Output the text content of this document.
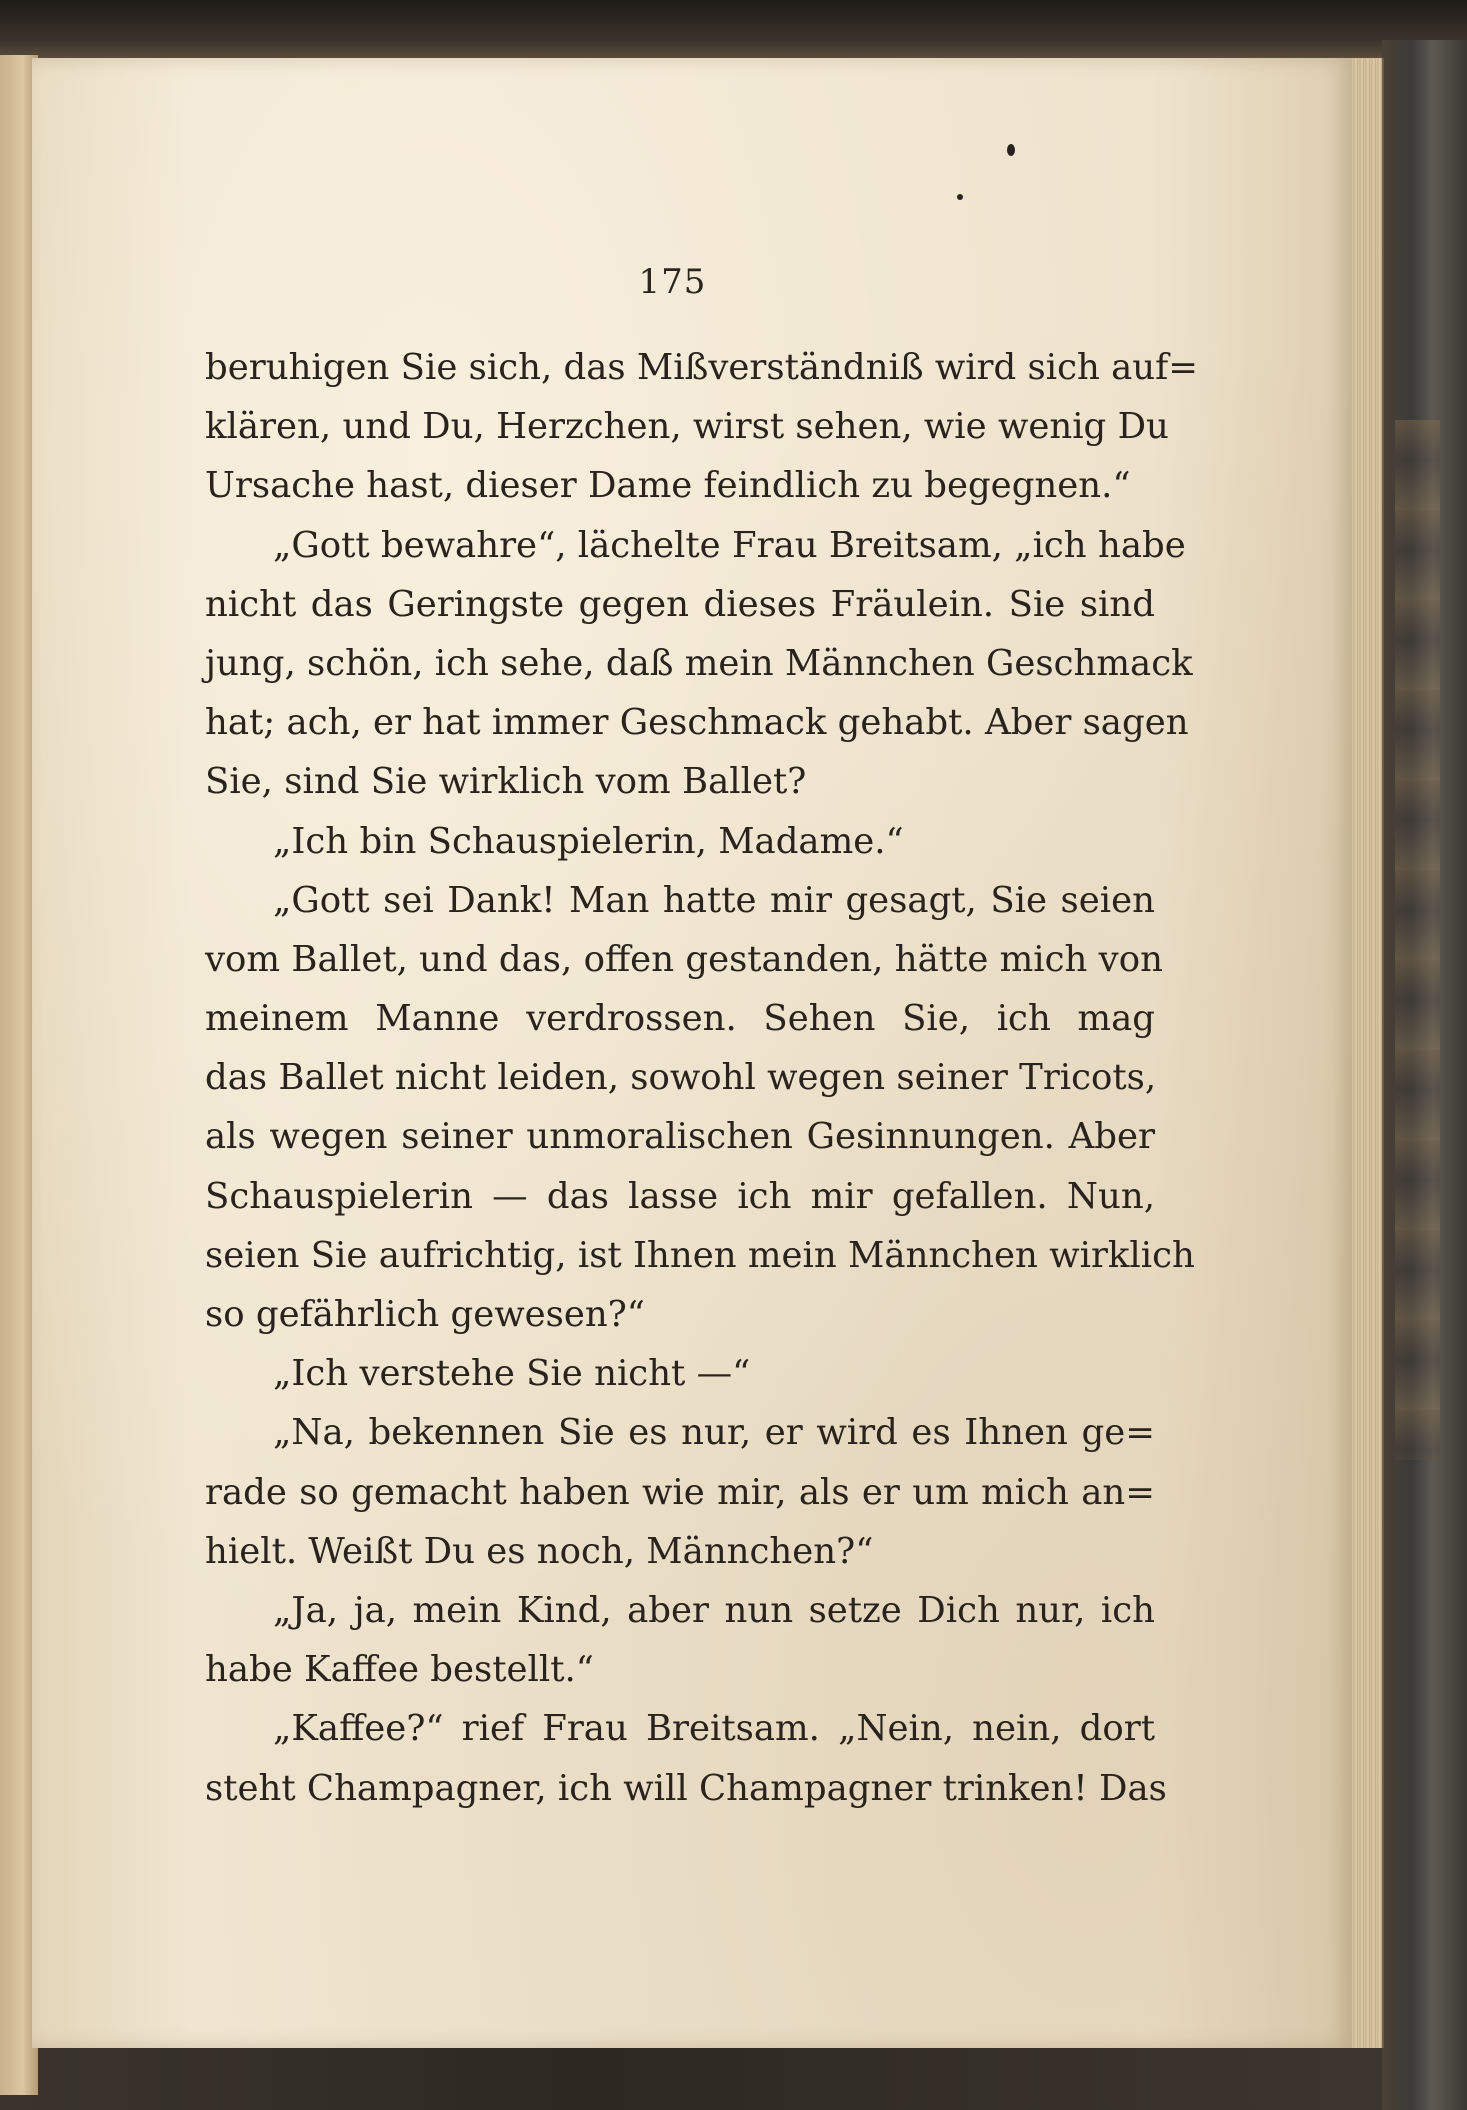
175
beruhigen Sie sich, das Mißverständniß wird sich auf=
klären, und Du, Herzchen, wirst sehen, wie wenig Du
Ursache hast, dieser Dame feindlich zu begegnen.“
„Gott bewahre“, lächelte Frau Breitsam, „ich habe
nicht das Geringste gegen dieses Fräulein. Sie sind
jung, schön, ich sehe, daß mein Männchen Geschmack
hat; ach, er hat immer Geschmack gehabt. Aber sagen
Sie, sind Sie wirklich vom Ballet?
„Ich bin Schauspielerin, Madame.“
„Gott sei Dank! Man hatte mir gesagt, Sie seien
vom Ballet, und das, offen gestanden, hätte mich von
meinem Manne verdrossen. Sehen Sie, ich mag
das Ballet nicht leiden, sowohl wegen seiner Tricots,
als wegen seiner unmoralischen Gesinnungen. Aber
Schauspielerin — das lasse ich mir gefallen. Nun,
seien Sie aufrichtig, ist Ihnen mein Männchen wirklich
so gefährlich gewesen?“
„Ich verstehe Sie nicht —“
„Na, bekennen Sie es nur, er wird es Ihnen ge=
rade so gemacht haben wie mir, als er um mich an=
hielt. Weißt Du es noch, Männchen?“
„Ja, ja, mein Kind, aber nun setze Dich nur, ich
habe Kaffee bestellt.“
„Kaffee?“ rief Frau Breitsam. „Nein, nein, dort
steht Champagner, ich will Champagner trinken! Das
